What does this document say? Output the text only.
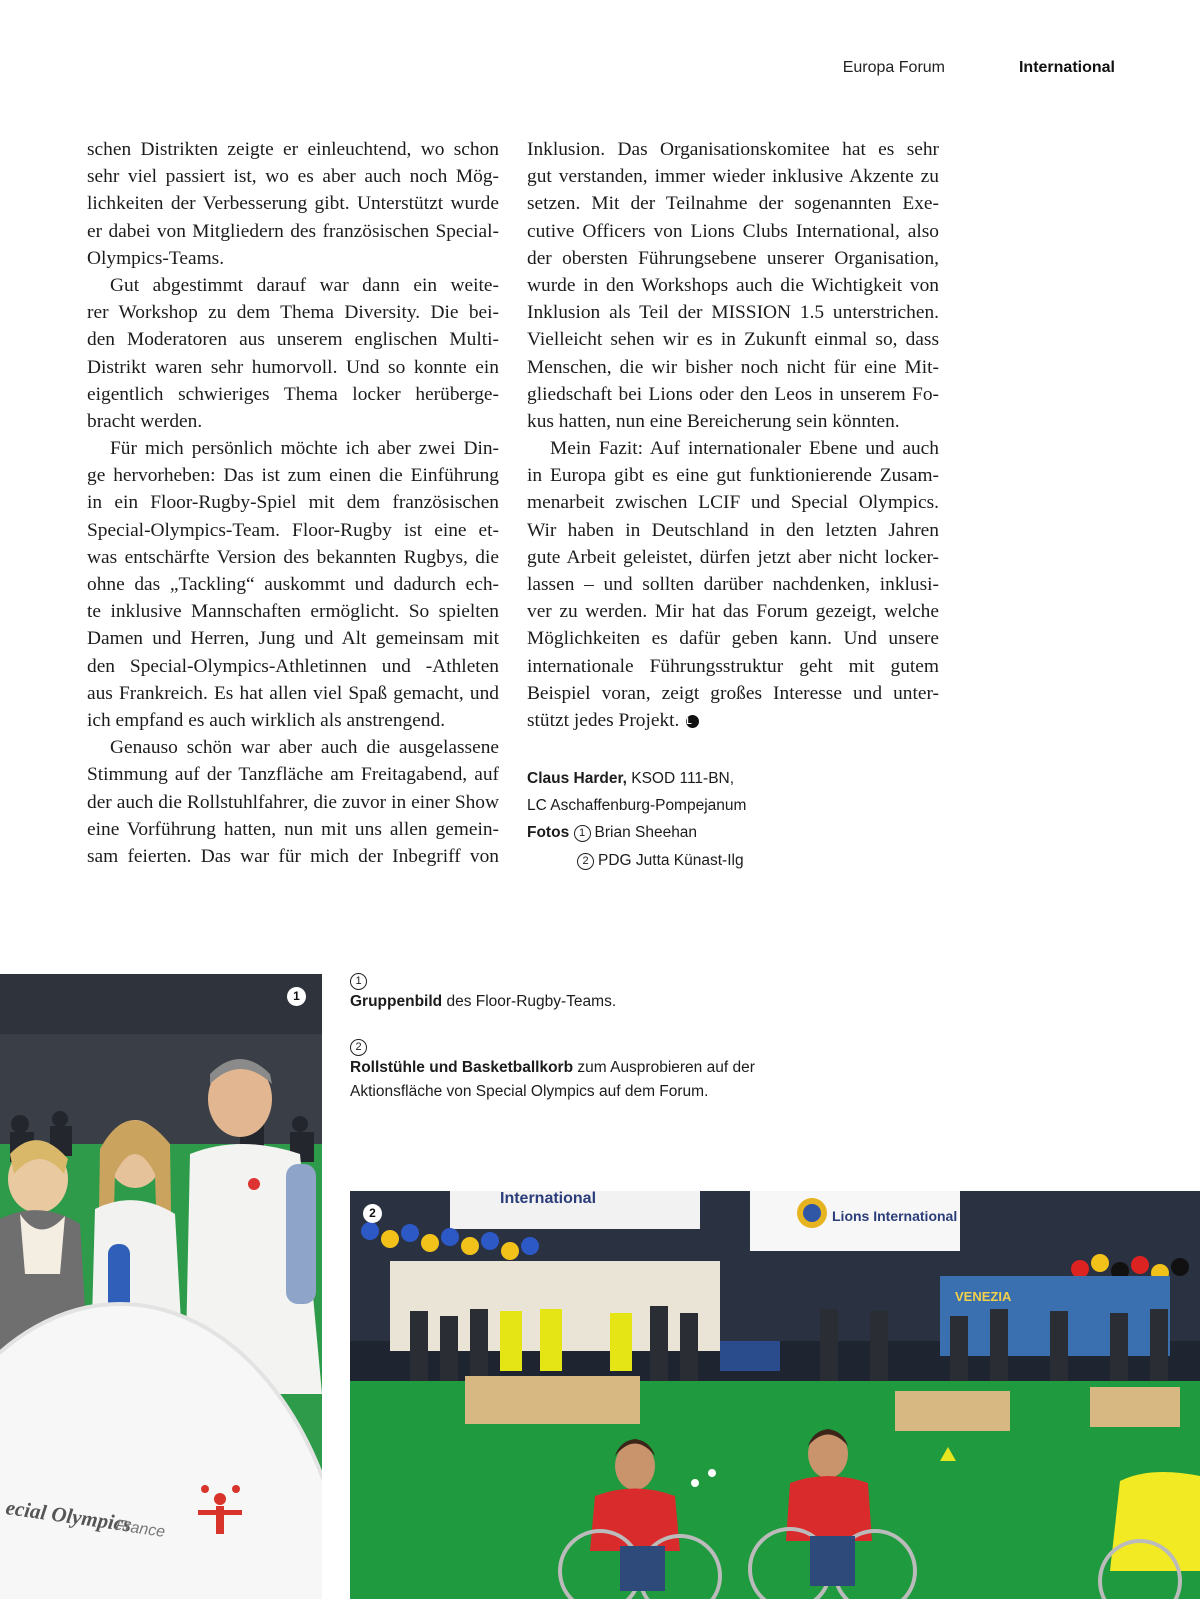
Europa Forum	International
schen Distrikten zeigte er einleuchtend, wo schon
sehr viel passiert ist, wo es aber auch noch Mög-
lichkeiten der Verbesserung gibt. Unterstützt wurde
er dabei von Mitgliedern des französischen Special-
Olympics-Teams.
Gut abgestimmt darauf war dann ein weite-
rer Workshop zu dem Thema Diversity. Die bei-
den Moderatoren aus unserem englischen Multi-
Distrikt waren sehr humorvoll. Und so konnte ein
eigentlich schwieriges Thema locker herüberge-
bracht werden.
Für mich persönlich möchte ich aber zwei Din-
ge hervorheben: Das ist zum einen die Einführung
in ein Floor-Rugby-Spiel mit dem französischen
Special-Olympics-Team. Floor-Rugby ist eine et-
was entschärfte Version des bekannten Rugbys, die
ohne das „Tackling“ auskommt und dadurch ech-
te inklusive Mannschaften ermöglicht. So spielten
Damen und Herren, Jung und Alt gemeinsam mit
den Special-Olympics-Athletinnen und -Athleten
aus Frankreich. Es hat allen viel Spaß gemacht, und
ich empfand es auch wirklich als anstrengend.
Genauso schön war aber auch die ausgelassene
Stimmung auf der Tanzfläche am Freitagabend, auf
der auch die Rollstuhlfahrer, die zuvor in einer Show
eine Vorführung hatten, nun mit uns allen gemein-
sam feierten. Das war für mich der Inbegriff von
Inklusion. Das Organisationskomitee hat es sehr
gut verstanden, immer wieder inklusive Akzente zu
setzen. Mit der Teilnahme der sogenannten Exe-
cutive Officers von Lions Clubs International, also
der obersten Führungsebene unserer Organisation,
wurde in den Workshops auch die Wichtigkeit von
Inklusion als Teil der MISSION 1.5 unterstrichen.
Vielleicht sehen wir es in Zukunft einmal so, dass
Menschen, die wir bisher noch nicht für eine Mit-
gliedschaft bei Lions oder den Leos in unserem Fo-
kus hatten, nun eine Bereicherung sein könnten.
Mein Fazit: Auf internationaler Ebene und auch
in Europa gibt es eine gut funktionierende Zusam-
menarbeit zwischen LCIF und Special Olympics.
Wir haben in Deutschland in den letzten Jahren
gute Arbeit geleistet, dürfen jetzt aber nicht locker-
lassen – und sollten darüber nachdenken, inklusi-
ver zu werden. Mir hat das Forum gezeigt, welche
Möglichkeiten es dafür geben kann. Und unsere
internationale Führungsstruktur geht mit gutem
Beispiel voran, zeigt großes Interesse und unter-
stützt jedes Projekt. L
Claus Harder, KSOD 111-BN,
LC Aschaffenburg-Pompejanum
Fotos 1 Brian Sheehan
2 PDG Jutta Künast-Ilg
1
Gruppenbild des Floor-Rugby-Teams.
2
Rollstühle und Basketballkorb zum Ausprobieren auf der Aktionsfläche von Special Olympics auf dem Forum.
ecial Olympics
France
1
International
Lions International
VENEZIA
2
